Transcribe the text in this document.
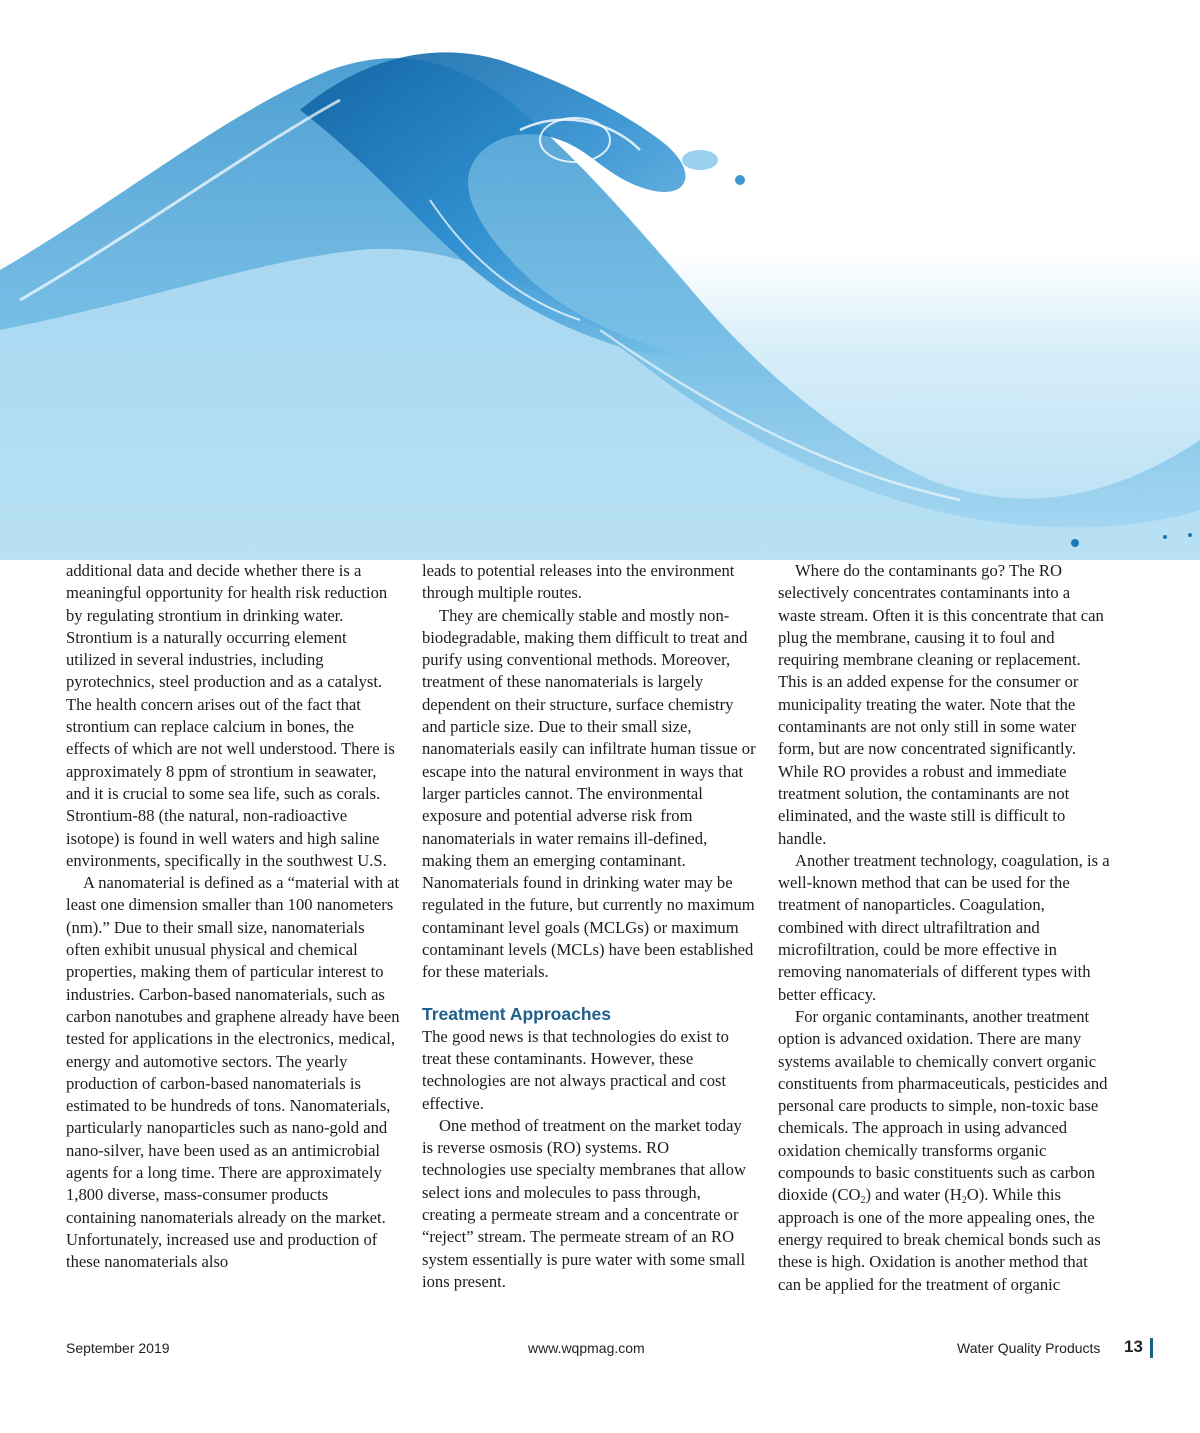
additional data and decide whether there is a meaningful opportunity for health risk reduction by regulating strontium in drinking water. Strontium is a naturally occurring element utilized in several industries, including pyrotechnics, steel production and as a catalyst. The health concern arises out of the fact that strontium can replace calcium in bones, the effects of which are not well understood. There is approximately 8 ppm of strontium in seawater, and it is crucial to some sea life, such as corals. Strontium-88 (the natural, non-radioactive isotope) is found in well waters and high saline environments, specifically in the southwest U.S.

A nanomaterial is defined as a “material with at least one dimension smaller than 100 nanometers (nm).” Due to their small size, nanomaterials often exhibit unusual physical and chemical properties, making them of particular interest to industries. Carbon-based nanomaterials, such as carbon nanotubes and graphene already have been tested for applications in the electronics, medical, energy and automotive sectors. The yearly production of carbon-based nanomaterials is estimated to be hundreds of tons. Nanomaterials, particularly nanoparticles such as nano-gold and nano-silver, have been used as an antimicrobial agents for a long time. There are approximately 1,800 diverse, mass-consumer products containing nanomaterials already on the market. Unfortunately, increased use and production of these nanomaterials also

leads to potential releases into the environment through multiple routes.

They are chemically stable and mostly non-biodegradable, making them difficult to treat and purify using conventional methods. Moreover, treatment of these nanomaterials is largely dependent on their structure, surface chemistry and particle size. Due to their small size, nanomaterials easily can infiltrate human tissue or escape into the natural environment in ways that larger particles cannot. The environmental exposure and potential adverse risk from nanomaterials in water remains ill-defined, making them an emerging contaminant. Nanomaterials found in drinking water may be regulated in the future, but currently no maximum contaminant level goals (MCLGs) or maximum contaminant levels (MCLs) have been established for these materials.

Treatment Approaches

The good news is that technologies do exist to treat these contaminants. However, these technologies are not always practical and cost effective.

One method of treatment on the market today is reverse osmosis (RO) systems. RO technologies use specialty membranes that allow select ions and molecules to pass through, creating a permeate stream and a concentrate or “reject” stream. The permeate stream of an RO system essentially is pure water with some small ions present.

Where do the contaminants go? The RO selectively concentrates contaminants into a waste stream. Often it is this concentrate that can plug the membrane, causing it to foul and requiring membrane cleaning or replacement. This is an added expense for the consumer or municipality treating the water. Note that the contaminants are not only still in some water form, but are now concentrated significantly. While RO provides a robust and immediate treatment solution, the contaminants are not eliminated, and the waste still is difficult to handle.

Another treatment technology, coagulation, is a well-known method that can be used for the treatment of nanoparticles. Coagulation, combined with direct ultrafiltration and microfiltration, could be more effective in removing nanomaterials of different types with better efficacy.

For organic contaminants, another treatment option is advanced oxidation. There are many systems available to chemically convert organic constituents from pharmaceuticals, pesticides and personal care products to simple, non-toxic base chemicals. The approach in using advanced oxidation chemically transforms organic compounds to basic constituents such as carbon dioxide $(CO_2)$ and water $(H_2O)$. While this approach is one of the more appealing ones, the energy required to break chemical bonds such as these is high. Oxidation is another method that can be applied for the treatment of organic

September 2019	www.wqpmag.com	Water Quality Products 13
